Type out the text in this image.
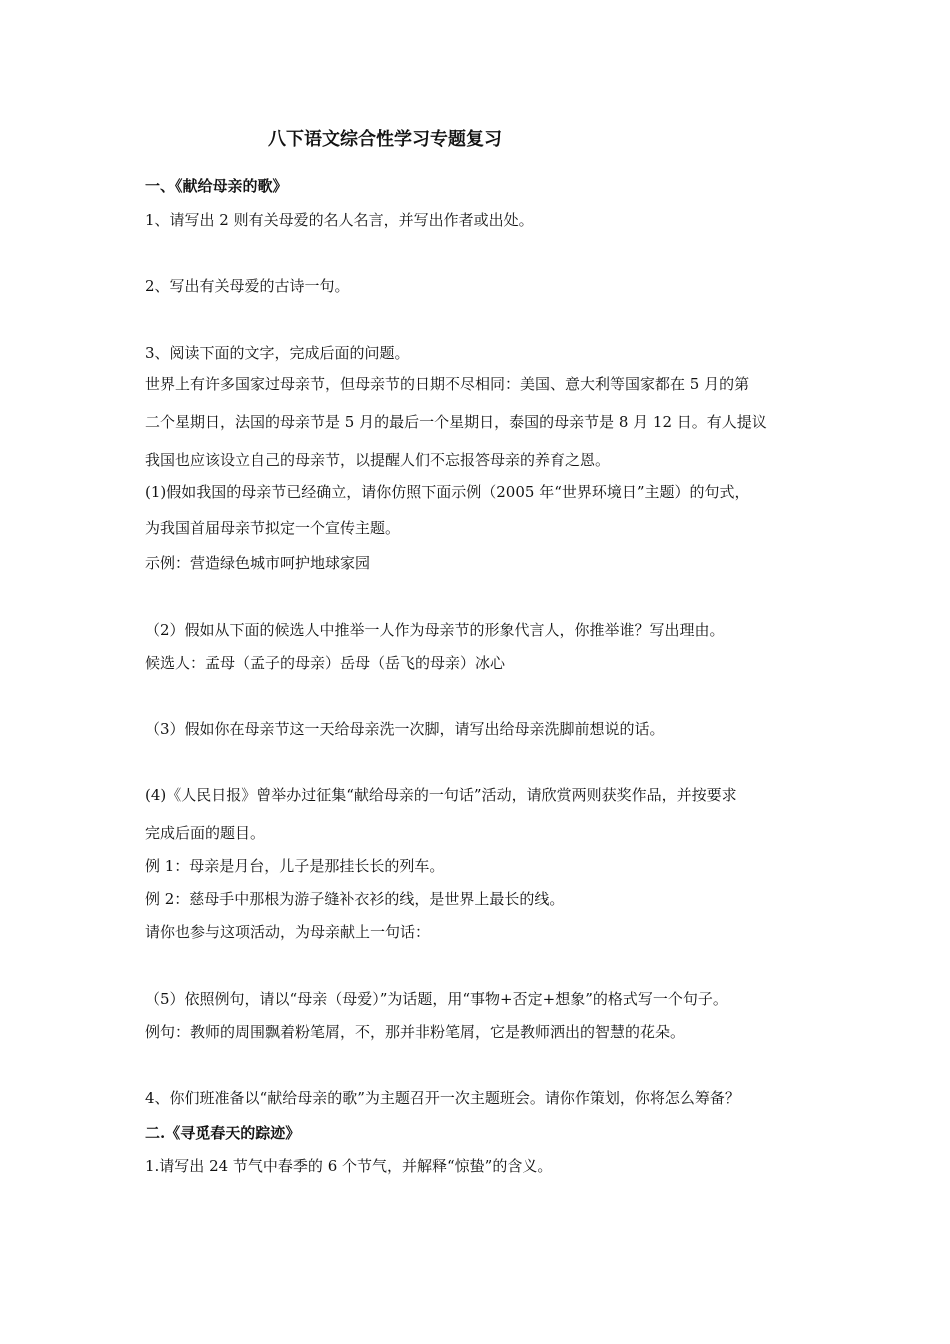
八下语文综合性学习专题复习
一、《献给母亲的歌》
1、请写出 2 则有关母爱的名人名言，并写出作者或出处。
2、写出有关母爱的古诗一句。
3、阅读下面的文字，完成后面的问题。
世界上有许多国家过母亲节，但母亲节的日期不尽相同：美国、意大利等国家都在 5 月的第
二个星期日，法国的母亲节是 5 月的最后一个星期日，泰国的母亲节是 8 月 12 日。有人提议
我国也应该设立自己的母亲节，以提醒人们不忘报答母亲的养育之恩。
(1)假如我国的母亲节已经确立，请你仿照下面示例（2005 年“世界环境日”主题）的句式，
为我国首届母亲节拟定一个宣传主题。
示例：营造绿色城市呵护地球家园
（2）假如从下面的候选人中推举一人作为母亲节的形象代言人，你推举谁？写出理由。
候选人：孟母（孟子的母亲）岳母（岳飞的母亲）冰心
（3）假如你在母亲节这一天给母亲洗一次脚，请写出给母亲洗脚前想说的话。
(4)《人民日报》曾举办过征集“献给母亲的一句话”活动，请欣赏两则获奖作品，并按要求
完成后面的题目。
例 1：母亲是月台，儿子是那挂长长的列车。
例 2：慈母手中那根为游子缝补衣衫的线，是世界上最长的线。
请你也参与这项活动，为母亲献上一句话：
（5）依照例句，请以“母亲（母爱）”为话题，用“事物+否定+想象”的格式写一个句子。
例句：教师的周围飘着粉笔屑，不，那并非粉笔屑，它是教师洒出的智慧的花朵。
4、你们班准备以“献给母亲的歌”为主题召开一次主题班会。请你作策划，你将怎么筹备？
二.《寻觅春天的踪迹》
1.请写出 24 节气中春季的 6 个节气，并解释“惊蛰”的含义。
